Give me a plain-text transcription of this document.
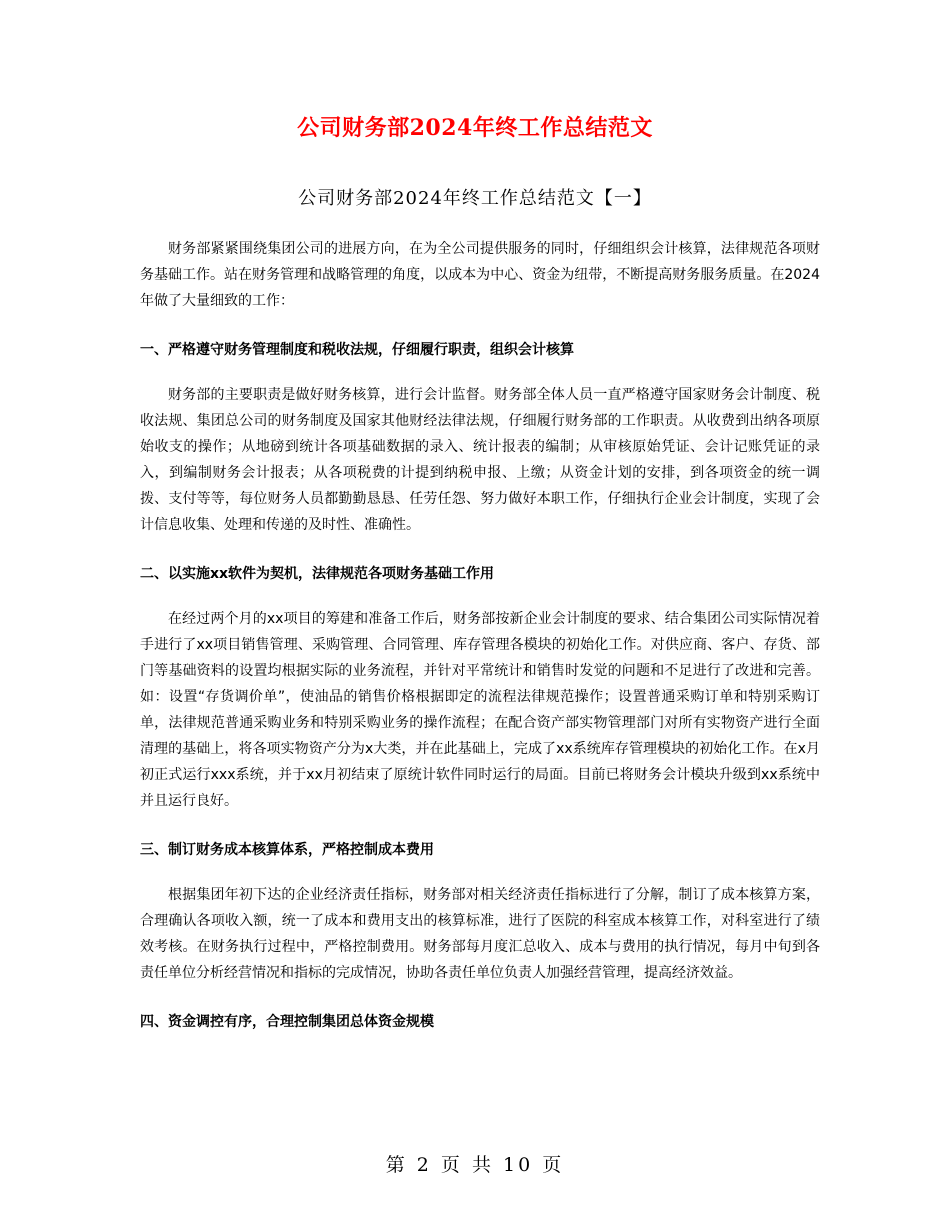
公司财务部2024年终工作总结范文
公司财务部2024年终工作总结范文【一】

财务部紧紧围绕集团公司的进展方向，在为全公司提供服务的同时，仔细组织会计核算，法律规范各项财务基础工作。站在财务管理和战略管理的角度，以成本为中心、资金为纽带，不断提高财务服务质量。在2024年做了大量细致的工作：

一、严格遵守财务管理制度和税收法规，仔细履行职责，组织会计核算

财务部的主要职责是做好财务核算，进行会计监督。财务部全体人员一直严格遵守国家财务会计制度、税收法规、集团总公司的财务制度及国家其他财经法律法规，仔细履行财务部的工作职责。从收费到出纳各项原始收支的操作；从地磅到统计各项基础数据的录入、统计报表的编制；从审核原始凭证、会计记账凭证的录入，到编制财务会计报表；从各项税费的计提到纳税申报、上缴；从资金计划的安排，到各项资金的统一调拨、支付等等，每位财务人员都勤勤恳恳、任劳任怨、努力做好本职工作，仔细执行企业会计制度，实现了会计信息收集、处理和传递的及时性、准确性。

二、以实施xx软件为契机，法律规范各项财务基础工作用

在经过两个月的xx项目的筹建和准备工作后，财务部按新企业会计制度的要求、结合集团公司实际情况着手进行了xx项目销售管理、采购管理、合同管理、库存管理各模块的初始化工作。对供应商、客户、存货、部门等基础资料的设置均根据实际的业务流程，并针对平常统计和销售时发觉的问题和不足进行了改进和完善。如：设置“存货调价单”，使油品的销售价格根据即定的流程法律规范操作；设置普通采购订单和特别采购订单，法律规范普通采购业务和特别采购业务的操作流程；在配合资产部实物管理部门对所有实物资产进行全面清理的基础上，将各项实物资产分为x大类，并在此基础上，完成了xx系统库存管理模块的初始化工作。在x月初正式运行xxx系统，并于xx月初结束了原统计软件同时运行的局面。目前已将财务会计模块升级到xx系统中并且运行良好。

三、制订财务成本核算体系，严格控制成本费用

根据集团年初下达的企业经济责任指标，财务部对相关经济责任指标进行了分解，制订了成本核算方案，合理确认各项收入额，统一了成本和费用支出的核算标准，进行了医院的科室成本核算工作，对科室进行了绩效考核。在财务执行过程中，严格控制费用。财务部每月度汇总收入、成本与费用的执行情况，每月中旬到各责任单位分析经营情况和指标的完成情况，协助各责任单位负责人加强经营管理，提高经济效益。

四、资金调控有序，合理控制集团总体资金规模
第 2 页 共 10 页
